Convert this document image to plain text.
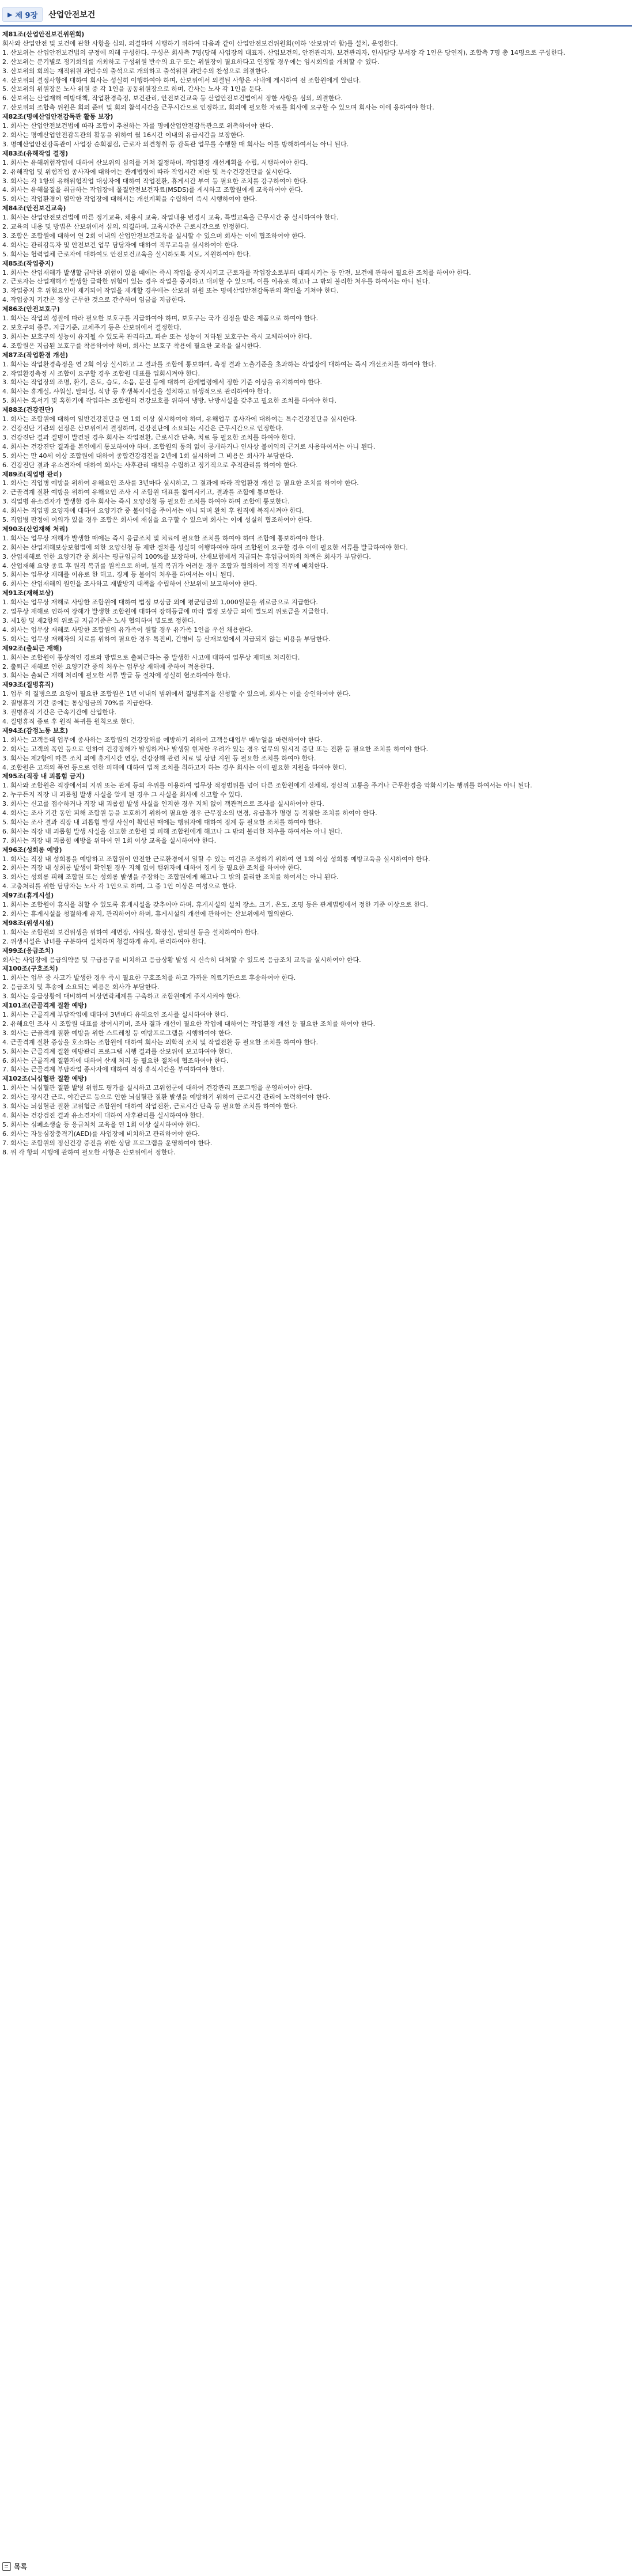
▶ 제 9장 산업안전보건
제81조(산업안전보건위원회)
회사와 산업안전 및 보건에 관한 사항을 심의, 의결하며 시행하기 위하여 다음과 같이 산업안전보건위원회(이하 '산보위'라 함)를 설치, 운영한다.
1. 산보위는 산업안전보건법의 규정에 의해 구성한다. 구성은 회사측 7명(당해 사업장의 대표자, 산업보건의, 안전관리자, 보건관리자, 인사담당 부서장 각 1인은 당연직), 조합측 7명 총 14명으로 구성한다.
2. 산보위는 분기별로 정기회의를 개최하고 구성위원 반수의 요구 또는 위원장이 필요하다고 인정할 경우에는 임시회의를 개최할 수 있다.
3. 산보위의 회의는 재적위원 과반수의 출석으로 개의하고 출석위원 과반수의 찬성으로 의결한다.
4. 산보위의 결정사항에 대하여 회사는 성실히 이행하여야 하며, 산보위에서 의결된 사항은 사내에 게시하여 전 조합원에게 알린다.
5. 산보위의 위원장은 노사 위원 중 각 1인을 공동위원장으로 하며, 간사는 노사 각 1인을 둔다.
6. 산보위는 산업재해 예방대책, 작업환경측정, 보건관리, 안전보건교육 등 산업안전보건법에서 정한 사항을 심의, 의결한다.
7. 산보위의 조합측 위원은 회의 준비 및 회의 참석시간을 근무시간으로 인정하고, 회의에 필요한 자료를 회사에 요구할 수 있으며 회사는 이에 응하여야 한다.
제82조(명예산업안전감독관 활동 보장)
1. 회사는 산업안전보건법에 따라 조합이 추천하는 자를 명예산업안전감독관으로 위촉하여야 한다.
2. 회사는 명예산업안전감독관의 활동을 위하여 월 16시간 이내의 유급시간을 보장한다.
3. 명예산업안전감독관이 사업장 순회점검, 근로자 의견청취 등 감독관 업무를 수행할 때 회사는 이를 방해하여서는 아니 된다.
제83조(유해작업 결정)
1. 회사는 유해위험작업에 대하여 산보위의 심의를 거쳐 결정하며, 작업환경 개선계획을 수립, 시행하여야 한다.
2. 유해작업 및 위험작업 종사자에 대하여는 관계법령에 따라 작업시간 제한 및 특수건강진단을 실시한다.
3. 회사는 각 1항의 유해위험작업 대상자에 대하여 작업전환, 휴게시간 부여 등 필요한 조치를 강구하여야 한다.
4. 회사는 유해물질을 취급하는 작업장에 물질안전보건자료(MSDS)를 게시하고 조합원에게 교육하여야 한다.
5. 회사는 작업환경이 열악한 작업장에 대해서는 개선계획을 수립하여 즉시 시행하여야 한다.
제84조(안전보건교육)
1. 회사는 산업안전보건법에 따른 정기교육, 채용시 교육, 작업내용 변경시 교육, 특별교육을 근무시간 중 실시하여야 한다.
2. 교육의 내용 및 방법은 산보위에서 심의, 의결하며, 교육시간은 근로시간으로 인정한다.
3. 조합은 조합원에 대하여 연 2회 이내의 산업안전보건교육을 실시할 수 있으며 회사는 이에 협조하여야 한다.
4. 회사는 관리감독자 및 안전보건 업무 담당자에 대하여 직무교육을 실시하여야 한다.
5. 회사는 협력업체 근로자에 대하여도 안전보건교육을 실시하도록 지도, 지원하여야 한다.
제85조(작업중지)
1. 회사는 산업재해가 발생할 급박한 위험이 있을 때에는 즉시 작업을 중지시키고 근로자를 작업장소로부터 대피시키는 등 안전, 보건에 관하여 필요한 조치를 하여야 한다.
2. 근로자는 산업재해가 발생할 급박한 위험이 있는 경우 작업을 중지하고 대피할 수 있으며, 이를 이유로 해고나 그 밖의 불리한 처우를 하여서는 아니 된다.
3. 작업중지 후 위험요인이 제거되어 작업을 재개할 경우에는 산보위 위원 또는 명예산업안전감독관의 확인을 거쳐야 한다.
4. 작업중지 기간은 정상 근무한 것으로 간주하며 임금을 지급한다.
제86조(안전보호구)
1. 회사는 작업의 성질에 따라 필요한 보호구를 지급하여야 하며, 보호구는 국가 검정을 받은 제품으로 하여야 한다.
2. 보호구의 종류, 지급기준, 교체주기 등은 산보위에서 결정한다.
3. 회사는 보호구의 성능이 유지될 수 있도록 관리하고, 파손 또는 성능이 저하된 보호구는 즉시 교체하여야 한다.
4. 조합원은 지급된 보호구를 착용하여야 하며, 회사는 보호구 착용에 필요한 교육을 실시한다.
제87조(작업환경 개선)
1. 회사는 작업환경측정을 연 2회 이상 실시하고 그 결과를 조합에 통보하며, 측정 결과 노출기준을 초과하는 작업장에 대하여는 즉시 개선조치를 하여야 한다.
2. 작업환경측정 시 조합이 요구할 경우 조합원 대표를 입회시켜야 한다.
3. 회사는 작업장의 조명, 환기, 온도, 습도, 소음, 분진 등에 대하여 관계법령에서 정한 기준 이상을 유지하여야 한다.
4. 회사는 휴게실, 샤워실, 탈의실, 식당 등 후생복지시설을 설치하고 위생적으로 관리하여야 한다.
5. 회사는 혹서기 및 혹한기에 작업하는 조합원의 건강보호를 위하여 냉방, 난방시설을 갖추고 필요한 조치를 하여야 한다.
제88조(건강진단)
1. 회사는 조합원에 대하여 일반건강진단을 연 1회 이상 실시하여야 하며, 유해업무 종사자에 대하여는 특수건강진단을 실시한다.
2. 건강진단 기관의 선정은 산보위에서 결정하며, 건강진단에 소요되는 시간은 근무시간으로 인정한다.
3. 건강진단 결과 질병이 발견된 경우 회사는 작업전환, 근로시간 단축, 치료 등 필요한 조치를 하여야 한다.
4. 회사는 건강진단 결과를 본인에게 통보하여야 하며, 조합원의 동의 없이 공개하거나 인사상 불이익의 근거로 사용하여서는 아니 된다.
5. 회사는 만 40세 이상 조합원에 대하여 종합건강검진을 2년에 1회 실시하며 그 비용은 회사가 부담한다.
6. 건강진단 결과 유소견자에 대하여 회사는 사후관리 대책을 수립하고 정기적으로 추적관리를 하여야 한다.
제89조(직업병 관리)
1. 회사는 직업병 예방을 위하여 유해요인 조사를 3년마다 실시하고, 그 결과에 따라 작업환경 개선 등 필요한 조치를 하여야 한다.
2. 근골격계 질환 예방을 위하여 유해요인 조사 시 조합원 대표를 참여시키고, 결과를 조합에 통보한다.
3. 직업병 유소견자가 발생한 경우 회사는 즉시 요양신청 등 필요한 조치를 하여야 하며 조합에 통보한다.
4. 회사는 직업병 요양자에 대하여 요양기간 중 불이익을 주어서는 아니 되며 완치 후 원직에 복직시켜야 한다.
5. 직업병 판정에 이의가 있을 경우 조합은 회사에 재심을 요구할 수 있으며 회사는 이에 성실히 협조하여야 한다.
제90조(산업재해 처리)
1. 회사는 업무상 재해가 발생한 때에는 즉시 응급조치 및 치료에 필요한 조치를 하여야 하며 조합에 통보하여야 한다.
2. 회사는 산업재해보상보험법에 의한 요양신청 등 제반 절차를 성실히 이행하여야 하며 조합원이 요구할 경우 이에 필요한 서류를 발급하여야 한다.
3. 산업재해로 인한 요양기간 중 회사는 평균임금의 100%를 보장하며, 산재보험에서 지급되는 휴업급여와의 차액은 회사가 부담한다.
4. 산업재해 요양 종료 후 원직 복귀를 원칙으로 하며, 원직 복귀가 어려운 경우 조합과 협의하여 적정 직무에 배치한다.
5. 회사는 업무상 재해를 이유로 한 해고, 징계 등 불이익 처우를 하여서는 아니 된다.
6. 회사는 산업재해의 원인을 조사하고 재발방지 대책을 수립하여 산보위에 보고하여야 한다.
제91조(재해보상)
1. 회사는 업무상 재해로 사망한 조합원에 대하여 법정 보상금 외에 평균임금의 1,000일분을 위로금으로 지급한다.
2. 업무상 재해로 인하여 장해가 발생한 조합원에 대하여 장해등급에 따라 법정 보상금 외에 별도의 위로금을 지급한다.
3. 제1항 및 제2항의 위로금 지급기준은 노사 협의하여 별도로 정한다.
4. 회사는 업무상 재해로 사망한 조합원의 유가족이 원할 경우 유가족 1인을 우선 채용한다.
5. 회사는 업무상 재해자의 치료를 위하여 필요한 경우 특진비, 간병비 등 산재보험에서 지급되지 않는 비용을 부담한다.
제92조(출퇴근 재해)
1. 회사는 조합원이 통상적인 경로와 방법으로 출퇴근하는 중 발생한 사고에 대하여 업무상 재해로 처리한다.
2. 출퇴근 재해로 인한 요양기간 중의 처우는 업무상 재해에 준하여 적용한다.
3. 회사는 출퇴근 재해 처리에 필요한 서류 발급 등 절차에 성실히 협조하여야 한다.
제93조(질병휴직)
1. 업무 외 질병으로 요양이 필요한 조합원은 1년 이내의 범위에서 질병휴직을 신청할 수 있으며, 회사는 이를 승인하여야 한다.
2. 질병휴직 기간 중에는 통상임금의 70%를 지급한다.
3. 질병휴직 기간은 근속기간에 산입한다.
4. 질병휴직 종료 후 원직 복귀를 원칙으로 한다.
제94조(감정노동 보호)
1. 회사는 고객응대 업무에 종사하는 조합원의 건강장해를 예방하기 위하여 고객응대업무 매뉴얼을 마련하여야 한다.
2. 회사는 고객의 폭언 등으로 인하여 건강장해가 발생하거나 발생할 현저한 우려가 있는 경우 업무의 일시적 중단 또는 전환 등 필요한 조치를 하여야 한다.
3. 회사는 제2항에 따른 조치 외에 휴게시간 연장, 건강장해 관련 치료 및 상담 지원 등 필요한 조치를 하여야 한다.
4. 조합원은 고객의 폭언 등으로 인한 피해에 대하여 법적 조치를 취하고자 하는 경우 회사는 이에 필요한 지원을 하여야 한다.
제95조(직장 내 괴롭힘 금지)
1. 회사와 조합원은 직장에서의 지위 또는 관계 등의 우위를 이용하여 업무상 적정범위를 넘어 다른 조합원에게 신체적, 정신적 고통을 주거나 근무환경을 악화시키는 행위를 하여서는 아니 된다.
2. 누구든지 직장 내 괴롭힘 발생 사실을 알게 된 경우 그 사실을 회사에 신고할 수 있다.
3. 회사는 신고를 접수하거나 직장 내 괴롭힘 발생 사실을 인지한 경우 지체 없이 객관적으로 조사를 실시하여야 한다.
4. 회사는 조사 기간 동안 피해 조합원 등을 보호하기 위하여 필요한 경우 근무장소의 변경, 유급휴가 명령 등 적절한 조치를 하여야 한다.
5. 회사는 조사 결과 직장 내 괴롭힘 발생 사실이 확인된 때에는 행위자에 대하여 징계 등 필요한 조치를 하여야 한다.
6. 회사는 직장 내 괴롭힘 발생 사실을 신고한 조합원 및 피해 조합원에게 해고나 그 밖의 불리한 처우를 하여서는 아니 된다.
7. 회사는 직장 내 괴롭힘 예방을 위하여 연 1회 이상 교육을 실시하여야 한다.
제96조(성희롱 예방)
1. 회사는 직장 내 성희롱을 예방하고 조합원이 안전한 근로환경에서 일할 수 있는 여건을 조성하기 위하여 연 1회 이상 성희롱 예방교육을 실시하여야 한다.
2. 회사는 직장 내 성희롱 발생이 확인된 경우 지체 없이 행위자에 대하여 징계 등 필요한 조치를 하여야 한다.
3. 회사는 성희롱 피해 조합원 또는 성희롱 발생을 주장하는 조합원에게 해고나 그 밖의 불리한 조치를 하여서는 아니 된다.
4. 고충처리를 위한 담당자는 노사 각 1인으로 하며, 그 중 1인 이상은 여성으로 한다.
제97조(휴게시설)
1. 회사는 조합원이 휴식을 취할 수 있도록 휴게시설을 갖추어야 하며, 휴게시설의 설치 장소, 크기, 온도, 조명 등은 관계법령에서 정한 기준 이상으로 한다.
2. 회사는 휴게시설을 청결하게 유지, 관리하여야 하며, 휴게시설의 개선에 관하여는 산보위에서 협의한다.
제98조(위생시설)
1. 회사는 조합원의 보건위생을 위하여 세면장, 샤워실, 화장실, 탈의실 등을 설치하여야 한다.
2. 위생시설은 남녀를 구분하여 설치하며 청결하게 유지, 관리하여야 한다.
제99조(응급조치)
회사는 사업장에 응급의약품 및 구급용구를 비치하고 응급상황 발생 시 신속히 대처할 수 있도록 응급조치 교육을 실시하여야 한다.
제100조(구호조치)
1. 회사는 업무 중 사고가 발생한 경우 즉시 필요한 구호조치를 하고 가까운 의료기관으로 후송하여야 한다.
2. 응급조치 및 후송에 소요되는 비용은 회사가 부담한다.
3. 회사는 응급상황에 대비하여 비상연락체계를 구축하고 조합원에게 주지시켜야 한다.
제101조(근골격계 질환 예방)
1. 회사는 근골격계 부담작업에 대하여 3년마다 유해요인 조사를 실시하여야 한다.
2. 유해요인 조사 시 조합원 대표를 참여시키며, 조사 결과 개선이 필요한 작업에 대하여는 작업환경 개선 등 필요한 조치를 하여야 한다.
3. 회사는 근골격계 질환 예방을 위한 스트레칭 등 예방프로그램을 시행하여야 한다.
4. 근골격계 질환 증상을 호소하는 조합원에 대하여 회사는 의학적 조치 및 작업전환 등 필요한 조치를 하여야 한다.
5. 회사는 근골격계 질환 예방관리 프로그램 시행 결과를 산보위에 보고하여야 한다.
6. 회사는 근골격계 질환자에 대하여 산재 처리 등 필요한 절차에 협조하여야 한다.
7. 회사는 근골격계 부담작업 종사자에 대하여 적정 휴식시간을 부여하여야 한다.
제102조(뇌심혈관 질환 예방)
1. 회사는 뇌심혈관 질환 발병 위험도 평가를 실시하고 고위험군에 대하여 건강관리 프로그램을 운영하여야 한다.
2. 회사는 장시간 근로, 야간근로 등으로 인한 뇌심혈관 질환 발생을 예방하기 위하여 근로시간 관리에 노력하여야 한다.
3. 회사는 뇌심혈관 질환 고위험군 조합원에 대하여 작업전환, 근로시간 단축 등 필요한 조치를 하여야 한다.
4. 회사는 건강검진 결과 유소견자에 대하여 사후관리를 실시하여야 한다.
5. 회사는 심폐소생술 등 응급처치 교육을 연 1회 이상 실시하여야 한다.
6. 회사는 자동심장충격기(AED)를 사업장에 비치하고 관리하여야 한다.
7. 회사는 조합원의 정신건강 증진을 위한 상담 프로그램을 운영하여야 한다.
8. 위 각 항의 시행에 관하여 필요한 사항은 산보위에서 정한다.
목록
